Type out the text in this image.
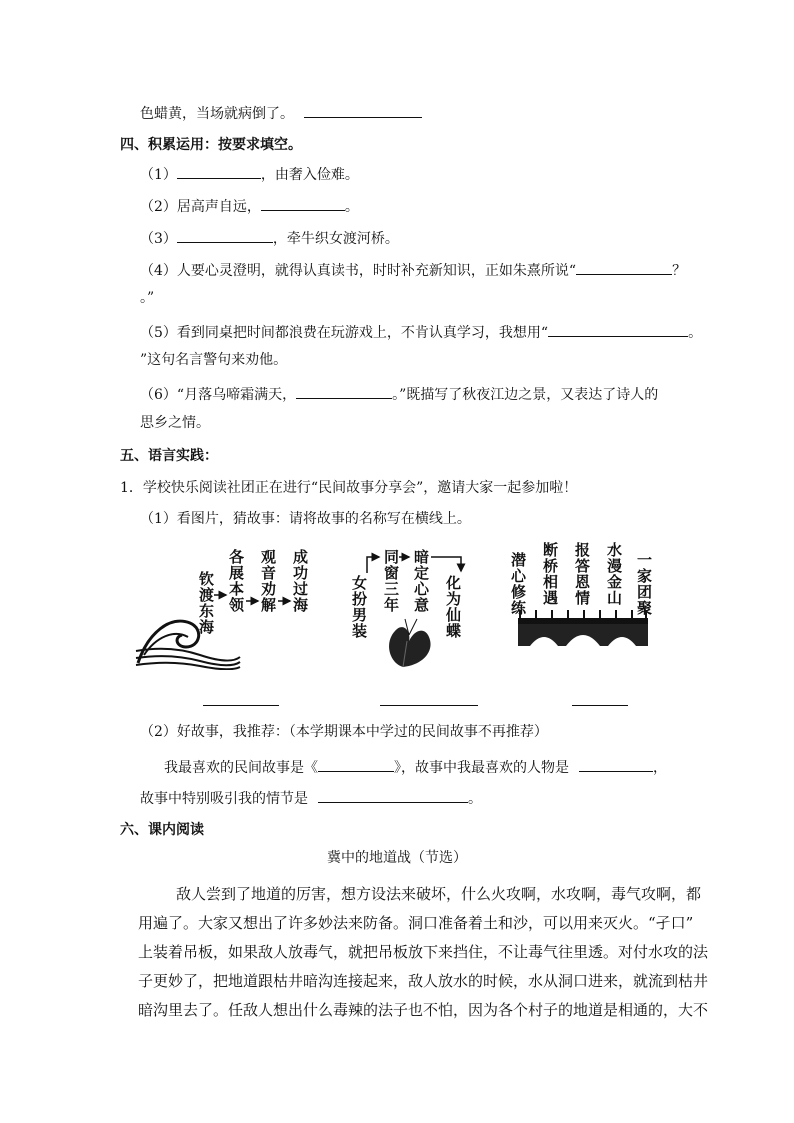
色蜡黄，当场就病倒了。
四、积累运用：按要求填空。
（1）	，由奢入俭难。
（2）居高声自远，	。
（3）	，牵牛织女渡河桥。
（4）人要心灵澄明，就得认真读书，时时补充新知识，正如朱熹所说“	？
。”
（5）看到同桌把时间都浪费在玩游戏上，不肯认真学习，我想用“	。
”这句名言警句来劝他。
（6）“月落乌啼霜满天，	。”既描写了秋夜江边之景，又表达了诗人的
思乡之情。
五、语言实践：
1．学校快乐阅读社团正在进行“民间故事分享会”，邀请大家一起参加啦！
（1）看图片，猜故事：请将故事的名称写在横线上。
钦渡东海 各展本领 观音劝解 成功过海	女扮男装 同窗三年 暗定心意 化为仙蝶	潜心修练 断桥相遇 报答恩情 水漫金山 一家团聚
（2）好故事，我推荐：（本学期课本中学过的民间故事不再推荐）
我最喜欢的民间故事是《	》，故事中我最喜欢的人物是	，
故事中特别吸引我的情节是	。
六、课内阅读
冀中的地道战（节选）
敌人尝到了地道的厉害，想方设法来破坏，什么火攻啊，水攻啊，毒气攻啊，都
用遍了。大家又想出了许多妙法来防备。洞口准备着土和沙，可以用来灭火。“孑口”
上装着吊板，如果敌人放毒气，就把吊板放下来挡住，不让毒气往里透。对付水攻的法
子更妙了，把地道跟枯井暗沟连接起来，敌人放水的时候，水从洞口进来，就流到枯井
暗沟里去了。任敌人想出什么毒辣的法子也不怕，因为各个村子的地道是相通的，大不
